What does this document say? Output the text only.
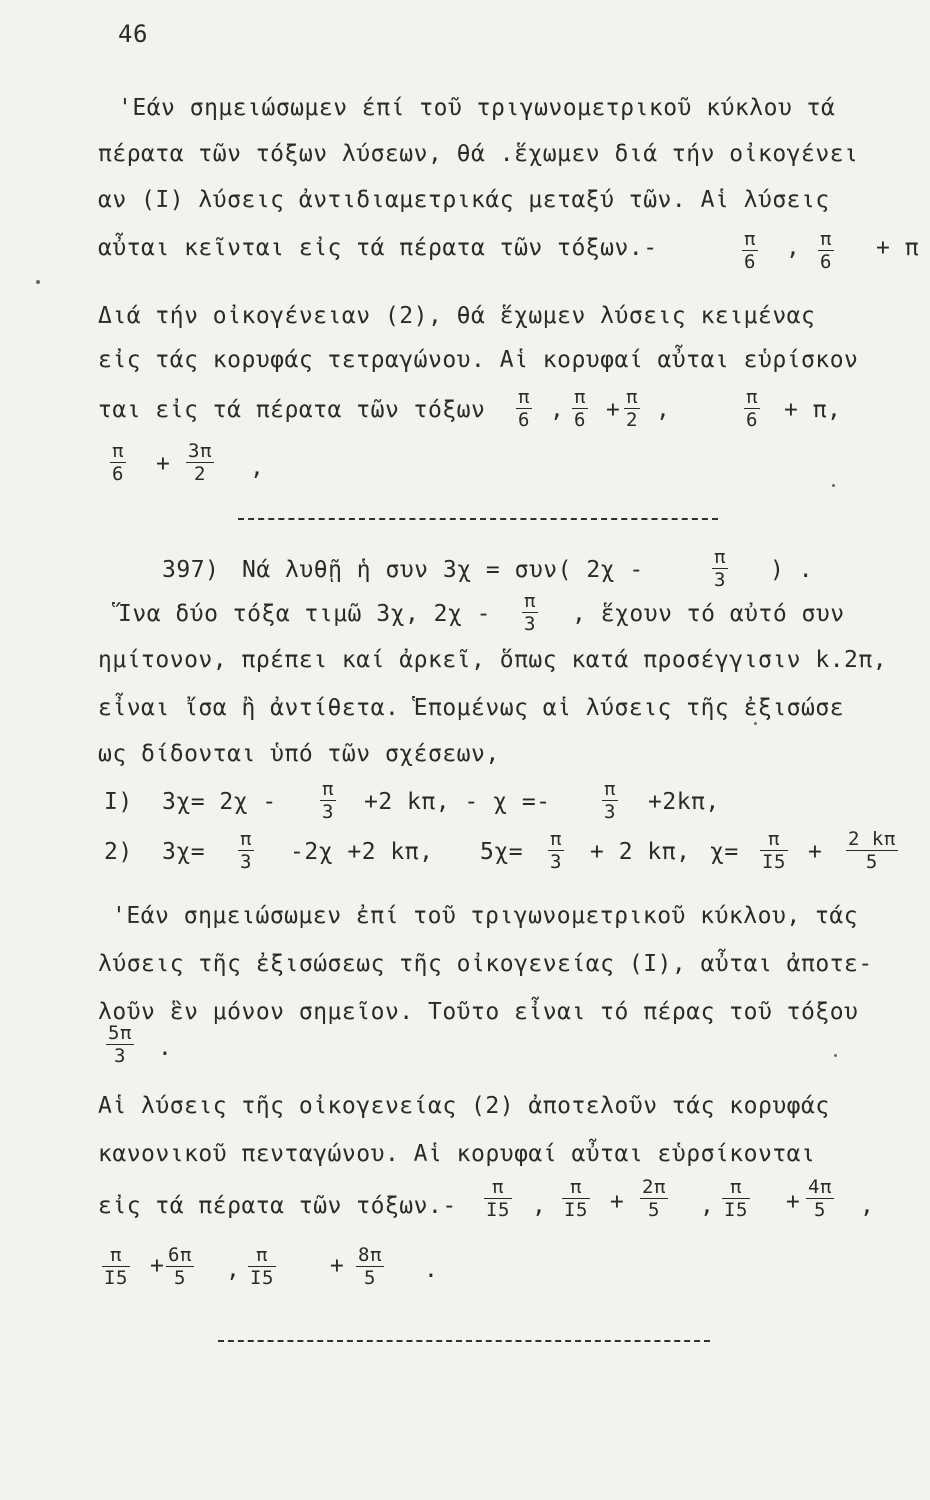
46
'Εάν σημειώσωμεν έπί τοῦ τριγωνομετρικοῦ κύκλου τά
πέρατα τῶν τόξων λύσεων, θά .ἕχωμεν διά τήν οἰκογένει
αν (Ι) λύσεις ἀντιδιαμετρικάς μεταξύ τῶν. Αἱ λύσεις
αὖται κεῖνται εἰς τά πέρατα τῶν τόξων.-	$\frac{\pi}{6}$ , $\frac{\pi}{6} + \pi$
Διά τήν οἰκογένειαν (2), θά ἕχωμεν λύσεις κειμένας
εἰς τάς κορυφάς τετραγώνου. Αἱ κορυφαί αὖται εὑρίσκον
ται εἰς τά πέρατα τῶν τόξων $\frac{\pi}{6}$ , $\frac{\pi}{6} + \frac{\pi}{2}$ ,	$\frac{\pi}{6} + \pi$,
$\frac{\pi}{6} + \frac{3\pi}{2}$ ,
397) Νά λυθῇ ἡ συν 3χ = συν( 2χ -	$\frac{\pi}{3}$ ) .
Ἵνα δύο τόξα τιμῶ 3χ, $2\chi - \frac{\pi}{3}$ , ἕχουν τό αὐτό συν
ημίτονον, πρέπει καί ἀρκεῖ, ὅπως κατά προσέγγισιν k.2π,
εἶναι ἴσα ἢ ἀντίθετα. Ἑπομένως αἱ λύσεις τῆς ἐξισώσε
ως δίδονται ὑπό τῶν σχέσεων,
Ι) $3\chi= 2\chi - \frac{\pi}{3} +2$ kπ, - χ =-	$\frac{\pi}{3} +2k\pi$,
2) $3\chi= \frac{\pi}{3} -2\chi +2$ kπ, $5\chi= \frac{\pi}{3} + 2$ kπ, $\chi= \frac{\pi}{I5} + \frac{2 k\pi}{5}$
'Εάν σημειώσωμεν ἐπί τοῦ τριγωνομετρικοῦ κύκλου, τάς
λύσεις τῆς ἐξισώσεως τῆς οἰκογενείας (Ι), αὖται ἀποτε-
λοῦν ἓν μόνον σημεῖον. Τοῦτο εἶναι τό πέρας τοῦ τόξου
$\frac{5\pi}{3}$ .
Αἱ λύσεις τῆς οἰκογενείας (2) ἀποτελοῦν τάς κορυφάς
κανονικοῦ πενταγώνου. Αἱ κορυφαί αὖται εὑρσίκονται
εἰς τά πέρατα τῶν $\tau ό\xi\omega\nu.- \frac{\pi}{I5}$ , $\frac{\pi}{I5} + \frac{2\pi}{5}$ , $\frac{\pi}{I5} + \frac{4\pi}{5}$ ,
$\frac{\pi}{I5} + \frac{6\pi}{5}$ , $\frac{\pi}{I5} + \frac{8\pi}{5}$ .
